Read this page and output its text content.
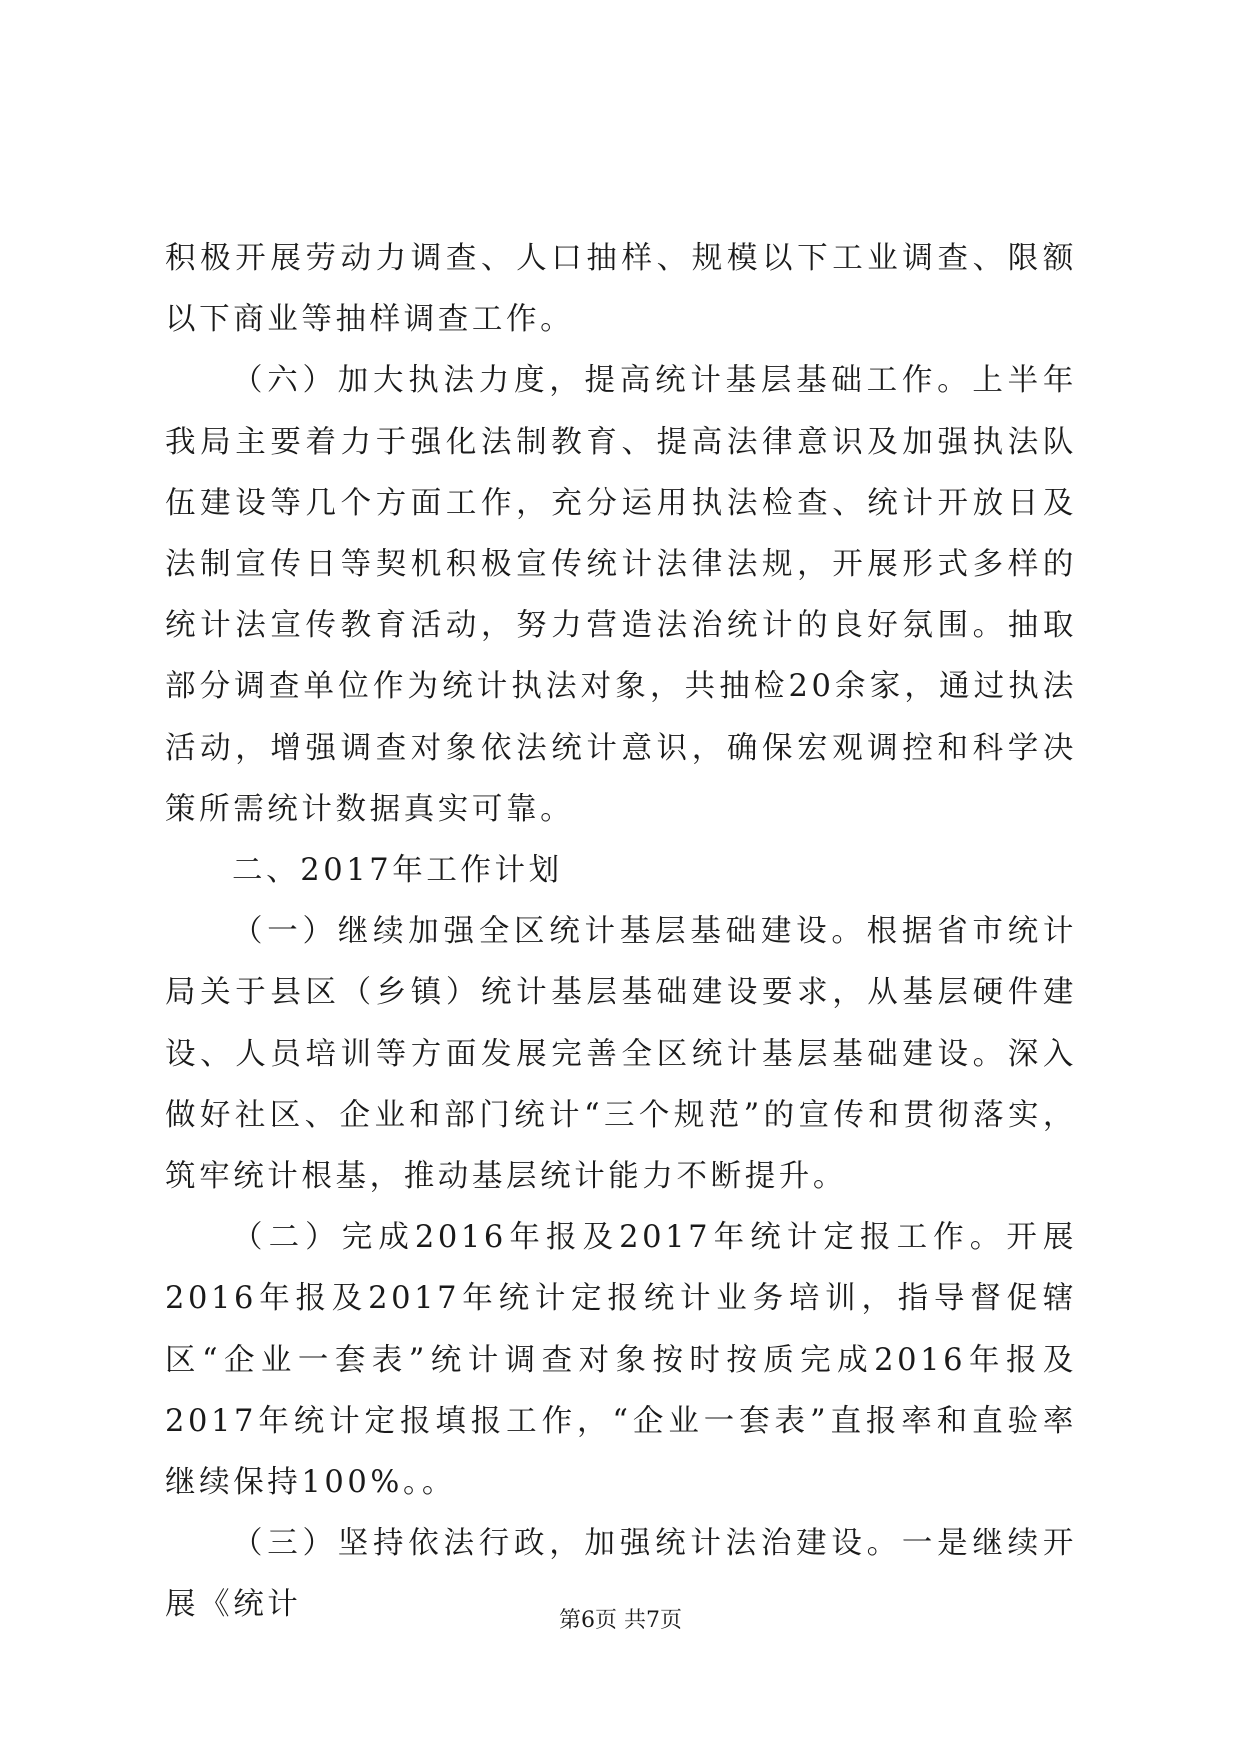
积极开展劳动力调查、人口抽样、规模以下工业调查、限额以下商业等抽样调查工作。

（六）加大执法力度，提高统计基层基础工作。上半年我局主要着力于强化法制教育、提高法律意识及加强执法队伍建设等几个方面工作，充分运用执法检查、统计开放日及法制宣传日等契机积极宣传统计法律法规，开展形式多样的统计法宣传教育活动，努力营造法治统计的良好氛围。抽取部分调查单位作为统计执法对象，共抽检20余家，通过执法活动，增强调查对象依法统计意识，确保宏观调控和科学决策所需统计数据真实可靠。

二、2017年工作计划

（一）继续加强全区统计基层基础建设。根据省市统计局关于县区（乡镇）统计基层基础建设要求，从基层硬件建设、人员培训等方面发展完善全区统计基层基础建设。深入做好社区、企业和部门统计“三个规范”的宣传和贯彻落实，筑牢统计根基，推动基层统计能力不断提升。

（二）完成2016年报及2017年统计定报工作。开展2016年报及2017年统计定报统计业务培训，指导督促辖区“企业一套表”统计调查对象按时按质完成2016年报及2017年统计定报填报工作，“企业一套表”直报率和直验率继续保持100%。。

（三）坚持依法行政，加强统计法治建设。一是继续开展《统计	第6页 共7页
